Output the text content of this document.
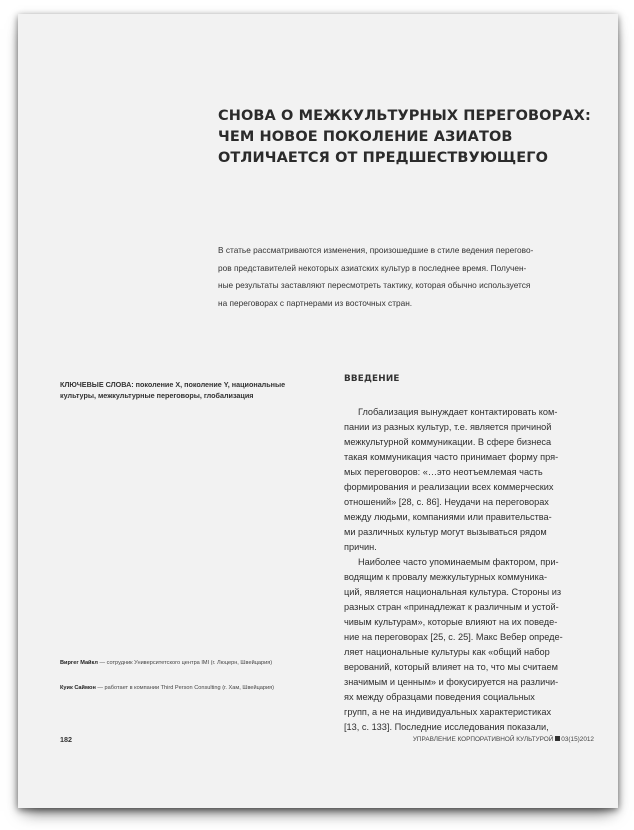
СНОВА О МЕЖКУЛЬТУРНЫХ ПЕРЕГОВОРАХ:
ЧЕМ НОВОЕ ПОКОЛЕНИЕ АЗИАТОВ
ОТЛИЧАЕТСЯ ОТ ПРЕДШЕСТВУЮЩЕГО
В статье рассматриваются изменения, произошедшие в стиле ведения перегово-
ров представителей некоторых азиатских культур в последнее время. Получен-
ные результаты заставляют пересмотреть тактику, которая обычно используется
на переговорах с партнерами из восточных стран.
КЛЮЧЕВЫЕ СЛОВА: поколение X, поколение Y, национальные
культуры, межкультурные переговоры, глобализация
Виргег Майкл — сотрудник Университетского центра IMI (г. Люцерн, Швейцария)
Куик Саймон — работает в компании Third Person Consulting (г. Хам, Швейцария)
ВВЕДЕНИЕ
Глобализация вынуждает контактировать ком-
пании из разных культур, т.е. является причиной
межкультурной коммуникации. В сфере бизнеса
такая коммуникация часто принимает форму пря-
мых переговоров: «…это неотъемлемая часть
формирования и реализации всех коммерческих
отношений» [28, с. 86]. Неудачи на переговорах
между людьми, компаниями или правительства-
ми различных культур могут вызываться рядом
причин.
Наиболее часто упоминаемым фактором, при-
водящим к провалу межкультурных коммуника-
ций, является национальная культура. Стороны из
разных стран «принадлежат к различным и устой-
чивым культурам», которые влияют на их поведе-
ние на переговорах [25, с. 25]. Макс Вебер опреде-
ляет национальные культуры как «общий набор
верований, который влияет на то, что мы считаем
значимым и ценным» и фокусируется на различи-
ях между образцами поведения социальных
групп, а не на индивидуальных характеристиках
[13, с. 133]. Последние исследования показали,
182	УПРАВЛЕНИЕ КОРПОРАТИВНОЙ КУЛЬТУРОЙ 03(15)2012
